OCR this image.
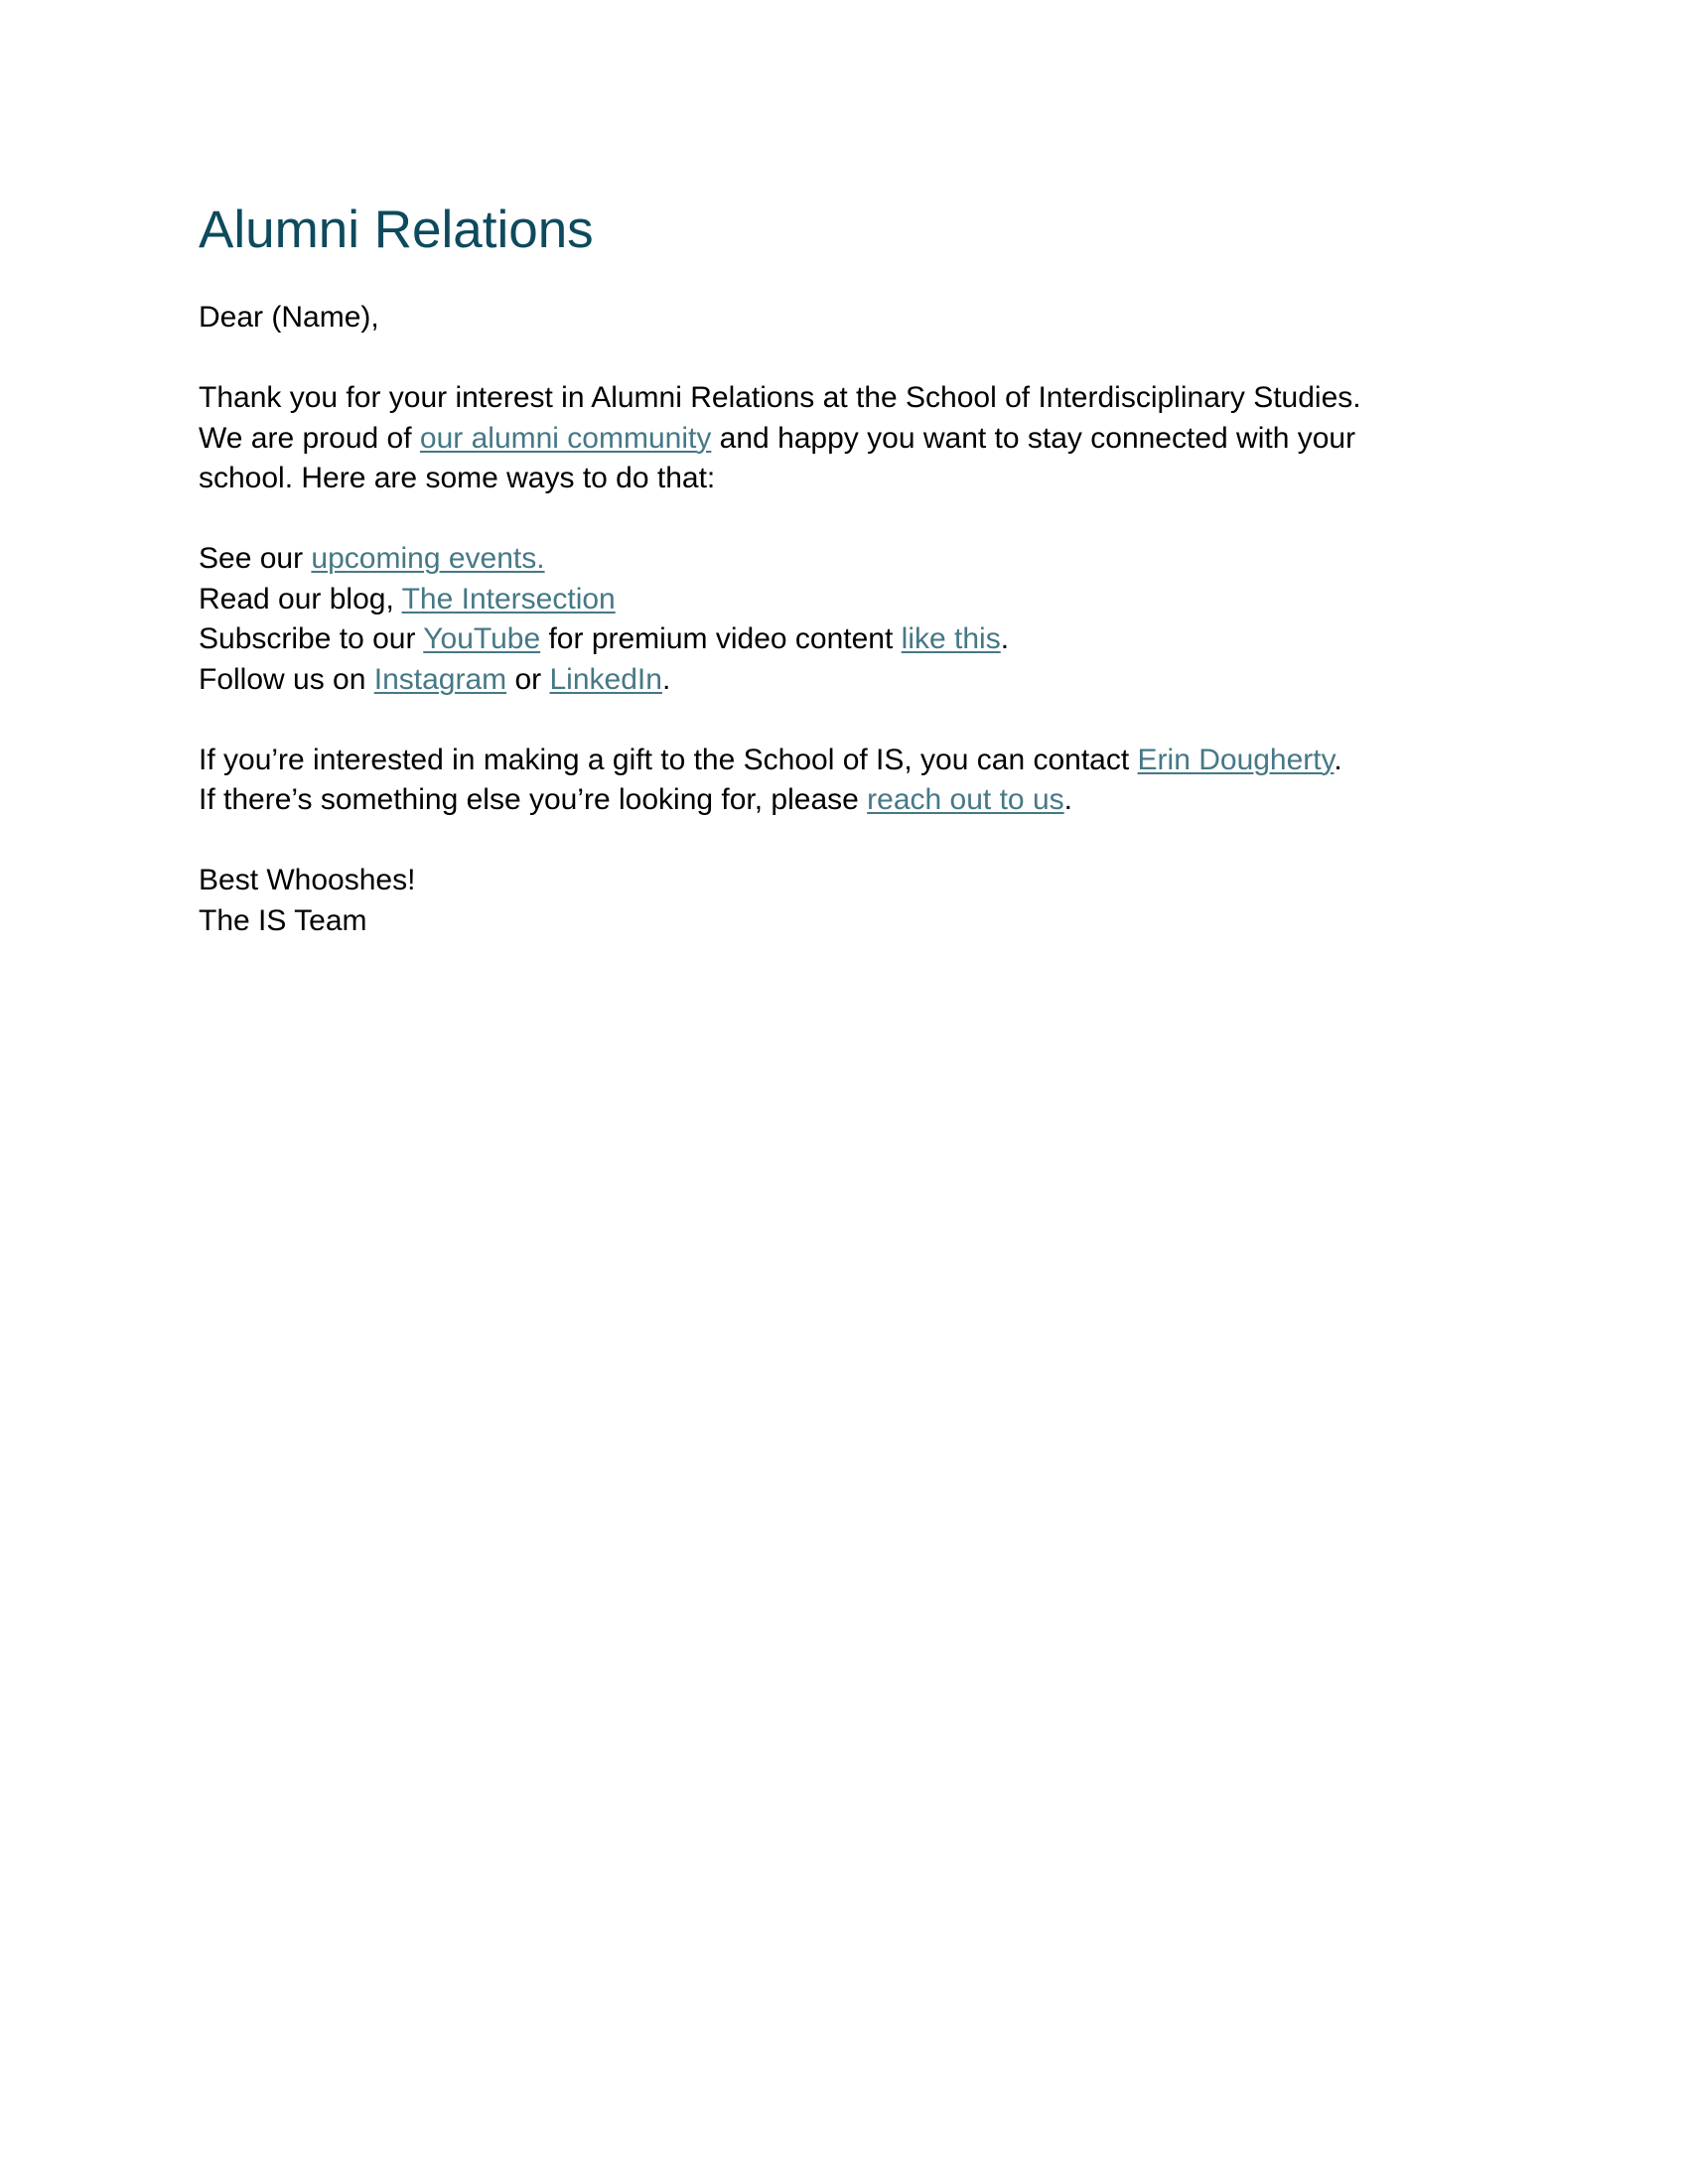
Alumni Relations

Dear (Name),

Thank you for your interest in Alumni Relations at the School of Interdisciplinary Studies.
We are proud of our alumni community and happy you want to stay connected with your
school. Here are some ways to do that:

See our upcoming events.
Read our blog, The Intersection
Subscribe to our YouTube for premium video content like this.
Follow us on Instagram or LinkedIn.

If you’re interested in making a gift to the School of IS, you can contact Erin Dougherty.
If there’s something else you’re looking for, please reach out to us.

Best Whooshes!
The IS Team
